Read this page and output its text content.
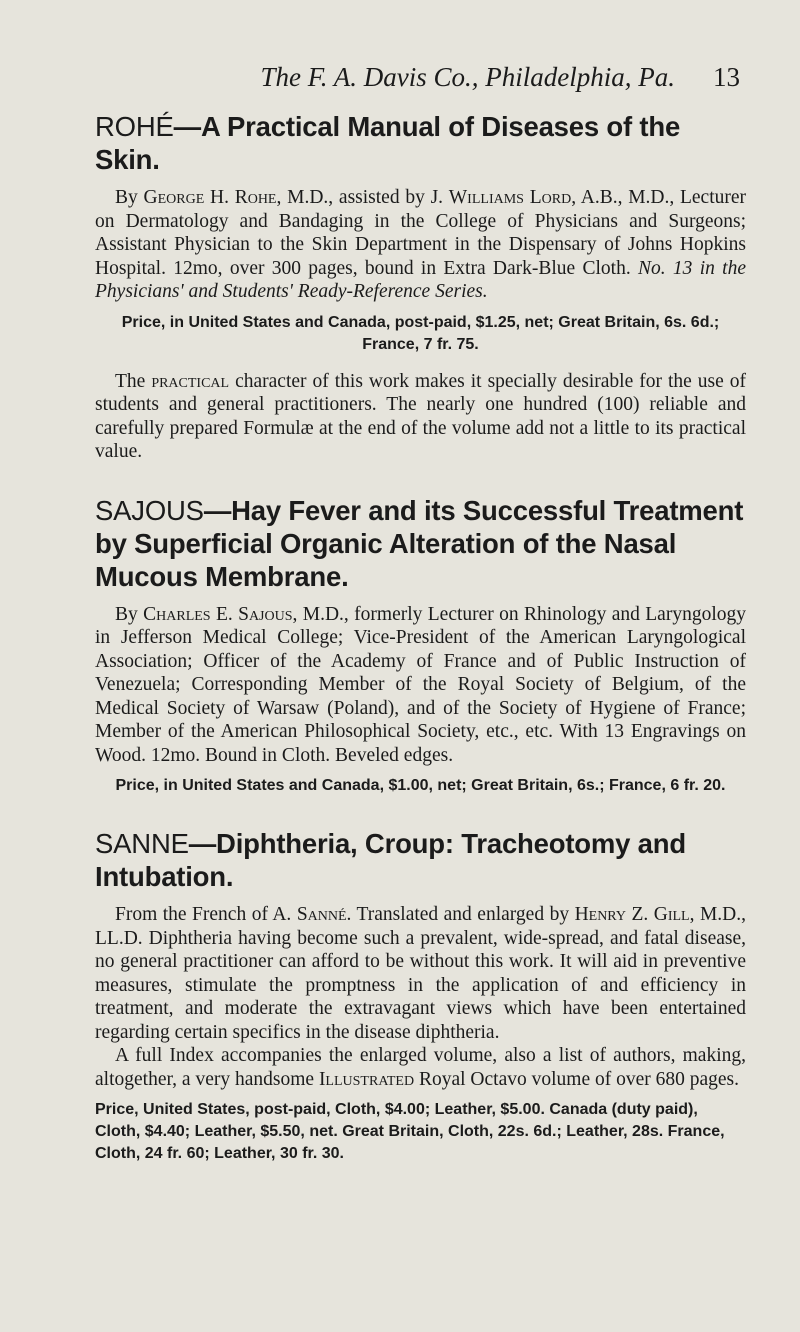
The F. A. Davis Co., Philadelphia, Pa. 13
ROHÉ—A Practical Manual of Diseases of the Skin.

By George H. Rohe, M.D., assisted by J. Williams Lord, A.B., M.D., Lecturer on Dermatology and Bandaging in the College of Physicians and Surgeons; Assistant Physician to the Skin Department in the Dispensary of Johns Hopkins Hospital. 12mo, over 300 pages, bound in Extra Dark-Blue Cloth. No. 13 in the Physicians' and Students' Ready-Reference Series.

Price, in United States and Canada, post-paid, $1.25, net; Great Britain, 6s. 6d.; France, 7 fr. 75.

The practical character of this work makes it specially desirable for the use of students and general practitioners. The nearly one hundred (100) reliable and carefully prepared Formulæ at the end of the volume add not a little to its practical value.

SAJOUS—Hay Fever and its Successful Treatment by Superficial Organic Alteration of the Nasal Mucous Membrane.

By Charles E. Sajous, M.D., formerly Lecturer on Rhinology and Laryngology in Jefferson Medical College; Vice-President of the American Laryngological Association; Officer of the Academy of France and of Public Instruction of Venezuela; Corresponding Member of the Royal Society of Belgium, of the Medical Society of Warsaw (Poland), and of the Society of Hygiene of France; Member of the American Philosophical Society, etc., etc. With 13 Engravings on Wood. 12mo. Bound in Cloth. Beveled edges.

Price, in United States and Canada, $1.00, net; Great Britain, 6s.; France, 6 fr. 20.

SANNE—Diphtheria, Croup: Tracheotomy and Intubation.

From the French of A. Sanné. Translated and enlarged by Henry Z. Gill, M.D., LL.D. Diphtheria having become such a prevalent, wide-spread, and fatal disease, no general practitioner can afford to be without this work. It will aid in preventive measures, stimulate the promptness in the application of and efficiency in treatment, and moderate the extravagant views which have been entertained regarding certain specifics in the disease diphtheria.

A full Index accompanies the enlarged volume, also a list of authors, making, altogether, a very handsome Illustrated Royal Octavo volume of over 680 pages.

Price, United States, post-paid, Cloth, $4.00; Leather, $5.00. Canada (duty paid), Cloth, $4.40; Leather, $5.50, net. Great Britain, Cloth, 22s. 6d.; Leather, 28s. France, Cloth, 24 fr. 60; Leather, 30 fr. 30.
